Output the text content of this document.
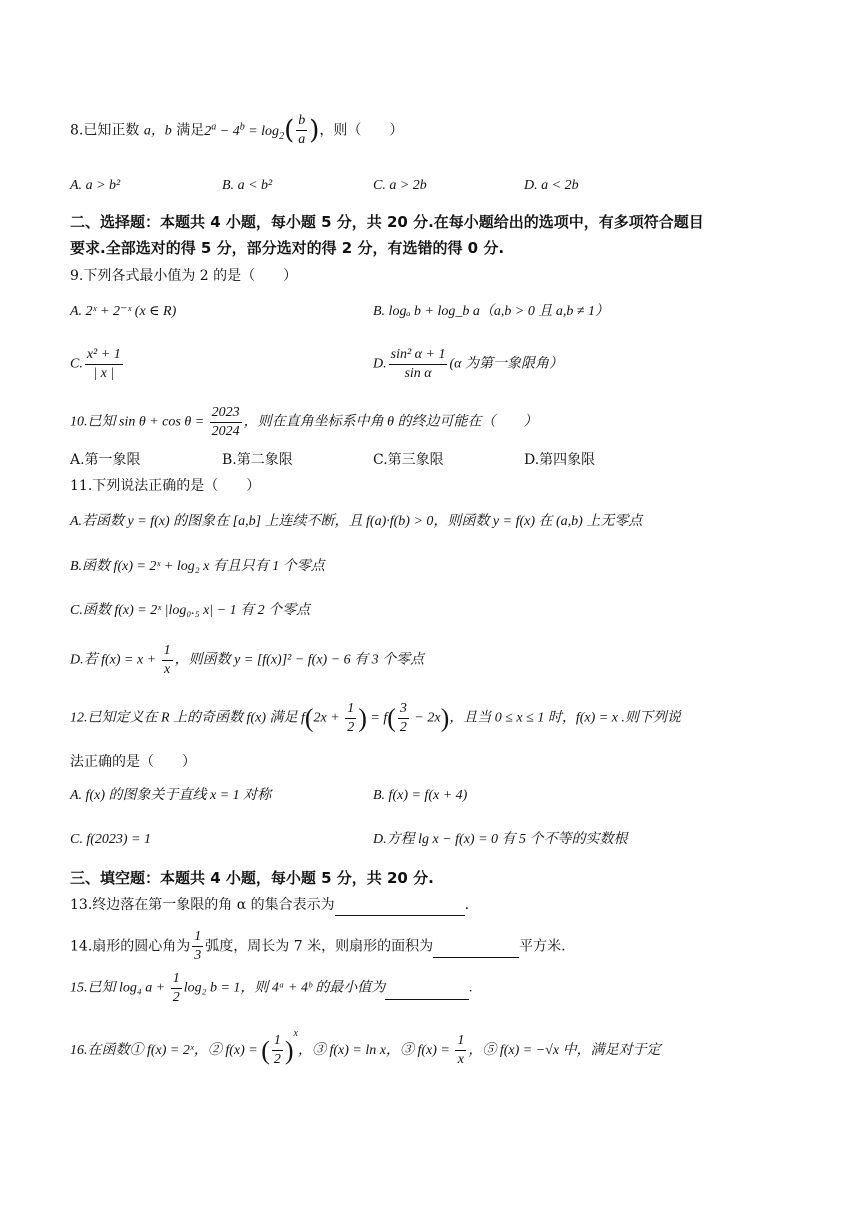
8.已知正数 a，b 满足$2^a - 4^b = \log_2( \frac{b}{a}$ )，则（　　）
A. a > b²	B. a < b²	C. a > 2b	D. a < 2b
二、选择题：本题共 4 小题，每小题 5 分，共 20 分.在每小题给出的选项中，有多项符合题目
要求.全部选对的得 5 分，部分选对的得 2 分，有选错的得 0 分.
9.下列各式最小值为 2 的是（　　）
A. 2ˣ + 2⁻ˣ (x ∈ R)	B. logₐ b + log_b a（a,b > 0 且 a,b ≠ 1）
C. $\frac{\text{x² + 1}}{| x |}$	D. $\frac{\text{sin² α + 1}}{\text{sin α}} (\alpha$ 为第一象限角）
10.已知 $\sin \theta + \cos \theta = \frac{2023}{2024}$ ，则在直角坐标系中角 θ 的终边可能在（　　）
A.第一象限	B.第二象限	C.第三象限	D.第四象限
11.下列说法正确的是（　　）
A.若函数 y = f(x) 的图象在 [a,b] 上连续不断，且 f(a)·f(b) > 0，则函数 y = f(x) 在 (a,b) 上无零点
B.函数 f(x) = 2ˣ + log₂ x 有且只有 1 个零点
C.函数 f(x) = 2ˣ |log₀.₅ x| − 1 有 2 个零点
D.若 $f(x) = x + \frac{1}{x}$ ，则函数 y = [f(x)]² − f(x) − 6 有 3 个零点
12.已知定义在 R 上的奇函数 f(x) 满足 $f(2x + \frac{1}{2}$ ) = $f( \frac{3}{2} - 2x)$，且当 0 ≤ x ≤ 1 时，f(x) = x .则下列说
法正确的是（　　）
A. f(x) 的图象关于直线 x = 1 对称	B. f(x) = f(x + 4)
C. f(2023) = 1	D.方程 lg x − f(x) = 0 有 5 个不等的实数根
三、填空题：本题共 4 小题，每小题 5 分，共 20 分.
13.终边落在第一象限的角 α 的集合表示为	.
14.扇形的圆心角为 $\frac{1}{3}$ 弧度，周长为 7 米，则扇形的面积为	平方米.
15.已知 log₄ $a + \frac{1}{2} \log_2$ b = 1，则 4ᵃ + 4ᵇ 的最小值为	.
16.在函数① f(x) = 2ˣ，② f(x) = ( $\frac{1}{2} )^x$，③ f(x) = ln x，③ $f(x) = \frac{1}{x}$ ，⑤ f(x) = −√x 中，满足对于定
